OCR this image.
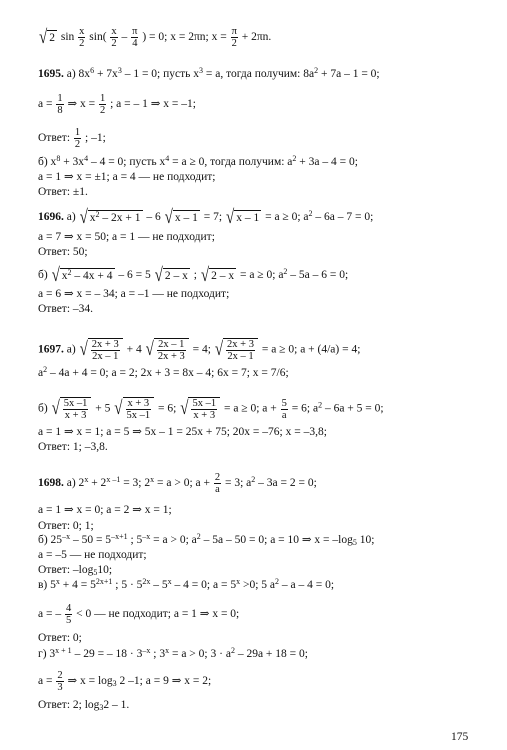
√ 2 $\sin \frac{x}{2} \sin( \frac{x}{2} - \frac{\pi}{4}$ ) = 0; x = 2πn; $x = \frac{\pi}{2} + 2\pi n$.
1695. а) $8x^6 + 7x^3 - 1 = 0$; пусть $x^3 = a$, тогда получим: $8a^2 + 7a - 1 = 0$;
$a = \frac{1}{8}$ ⇒ $x = \frac{1}{2}$ ; a = – 1 ⇒ x = –1;
Ответ: $\frac{1}{2}$ ; –1;
б) $x^8 + 3x^4 - 4 = 0$; пусть $x^4 = a \ge 0$, тогда получим: $a^2 + 3a - 4 = 0$;
a = 1 ⇒ x = ±1; a = 4 — не подходит;
Ответ: ±1.
1696. а) √ $x^2 - 2x + 1 - 6$ √ x – 1 = 7; √ x – 1 = a ≥ 0; $a^2 - 6a - 7 = 0$;
a = 7 ⇒ x = 50; a = 1 — не подходит;
Ответ: 50;
б) √ $x^2 - 4x + 4 - 6 = 5$ √ 2 – x ; √ 2 – x = a ≥ 0; $a^2 - 5a - 6 = 0$;
a = 6 ⇒ x = – 34; a = –1 — не подходит;
Ответ: –34.
1697. а) √ $\frac{2x + 3}{2x - 1} + 4$ √ $\frac{2x - 1}{2x + 3} = 4$; √ $\frac{2x + 3}{2x - 1} = a \ge 0$; a + (4/a) = 4;
$a^2 - 4a + 4 = 0$; a = 2; 2x + 3 = 8x – 4; 6x = 7; x = 7/6;
б) √ $\frac{5x -1}{x + 3} + 5$ √ $\frac{x + 3}{5x -1} = 6$; √ $\frac{5x -1}{x + 3} = a \ge 0$; $a + \frac{5}{a} = 6$; $a^2 - 6a + 5 = 0$;
a = 1 ⇒ x = 1; a = 5 ⇒ 5x – 1 = 25x + 75; 20x = –76; x = –3,8;
Ответ: 1; –3,8.
1698. а) $2^x + 2^{x -1} = 3$; $2^x = a > 0$; $a + \frac{2}{a} = 3$; $a^2 - 3a = 2 = 0$;
a = 1 ⇒ x = 0; a = 2 ⇒ x = 1;
Ответ: 0; 1;
б) $25^{-x} - 50 = 5^{-x+1}$ ; $5^{-x} = a > 0$; $a^2 - 5a - 50 = 0$; a = 10 ⇒ $x = -\log_5$ 10;
a = –5 — не подходит;
Ответ: $-\log_510$;
в) $5^x + 4 = 5^{2x+1}$ ; $5 \cdot 5^{2x} - 5^x - 4 = 0$; $a = 5^x >0$; 5 $a^2 - a - 4 = 0$;
a = – $\frac{4}{5} < 0$ — не подходит; a = 1 ⇒ x = 0;
Ответ: 0;
г) $3^{x + 1} - 29$ = – $18 \cdot 3^{-x}$ ; $3^x = a > 0$; $3 \cdot a^2 - 29a + 18 = 0$;
$a = \frac{2}{3}$ ⇒ $x = \log_3 2$ –1; a = 9 ⇒ x = 2;
Ответ: 2; $\log_32 - 1$.
175
